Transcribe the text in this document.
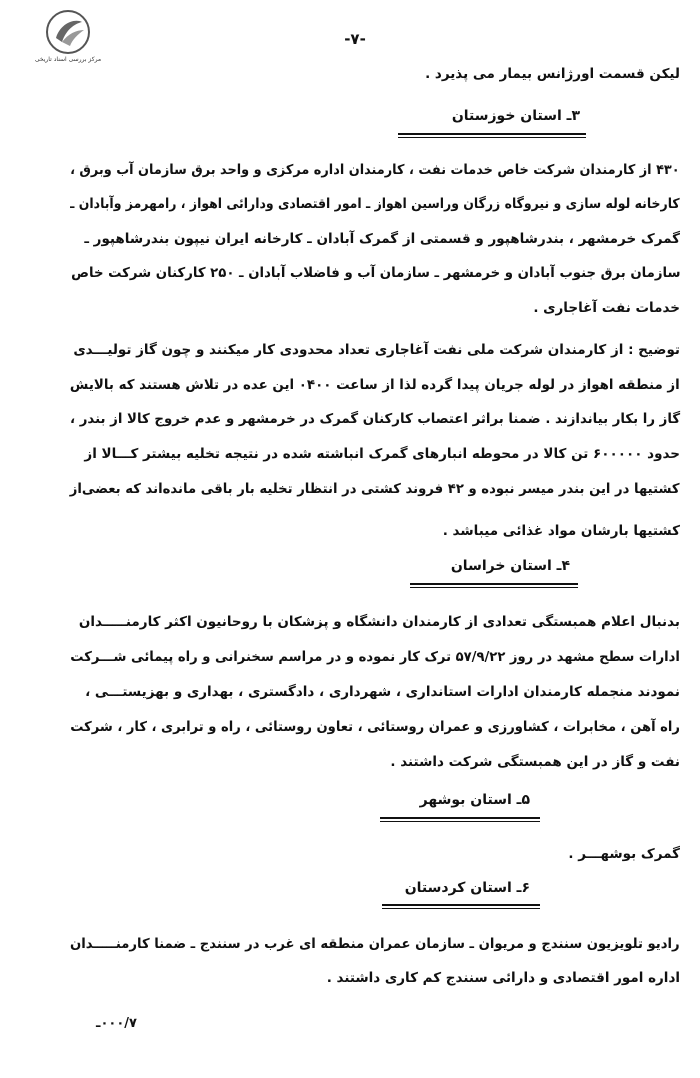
مرکز بررسی اسناد تاریخی
-۷-
لیکن قسمت اورژانس بیمار می پذیرد .
۳ـ استان خوزستان
۴۳۰ از کارمندان شرکت خاص خدمات نفت ، کارمندان اداره مرکزی و واحد برق سازمان آب وبرق ،
کارخانه لوله سازی و نیروگاه زرگان وراسین اهواز ـ امور اقتصادی ودارائی اهواز ، رامهرمز وآبادان ـ
گمرک خرمشهر ، بندرشاهپور و قسمتی از گمرک آبادان ـ کارخانه ایران نیپون بندرشاهپور ـ
سازمان برق جنوب آبادان و خرمشهر ـ سازمان آب و فاضلاب آبادان ـ ۲۵۰ کارکنان شرکت خاص
خدمات نفت آغاجاری .
توضیح : از کارمندان شرکت ملی نفت آغاجاری تعداد محدودی کار میکنند و چون گاز تولیـــدی
از منطقه اهواز در لوله جریان پیدا گرده لذا از ساعت ۰۴۰۰ این عده در تلاش هستند که بالایش
گاز را بکار بیاندازند . ضمنا براثر اعتصاب کارکنان گمرک در خرمشهر و عدم خروج کالا از بندر ،
حدود ۶۰۰۰۰۰ تن کالا در محوطه انبارهای گمرک انباشته شده در نتیجه تخلیه بیشتر کـــالا از
کشتیها در این بندر میسر نبوده و ۴۲ فروند کشتی در انتظار تخلیه بار باقی مانده‌اند که بعضی‌از
کشتیها بارشان مواد غذائی میباشد .
۴ـ استان خراسان
بدنبال اعلام همبستگی تعدادی از کارمندان دانشگاه و پزشکان با روحانیون اکثر کارمنـــــدان
ادارات سطح مشهد در روز ۵۷/۹/۲۲ ترک کار نموده و در مراسم سخنرانی و راه پیمائی شـــرکت
نمودند منجمله کارمندان ادارات استانداری ، شهرداری ، دادگستری ، بهداری و بهزیستـــی ،
راه آهن ، مخابرات ، کشاورزی و عمران روستائی ، تعاون روستائی ، راه و ترابری ، کار ، شرکت
نفت و گاز در این همبستگی شرکت داشتند .
۵ـ استان بوشهر
گمرک بوشهـــر .
۶ـ استان کردستان
رادیو تلویزیون سنندج و مریوان ـ سازمان عمران منطقه ای غرب در سنندج ـ ضمنا کارمنـــــدان
اداره امور اقتصادی و دارائی سنندج کم کاری داشتند .
۰۰۰/۷ـ
